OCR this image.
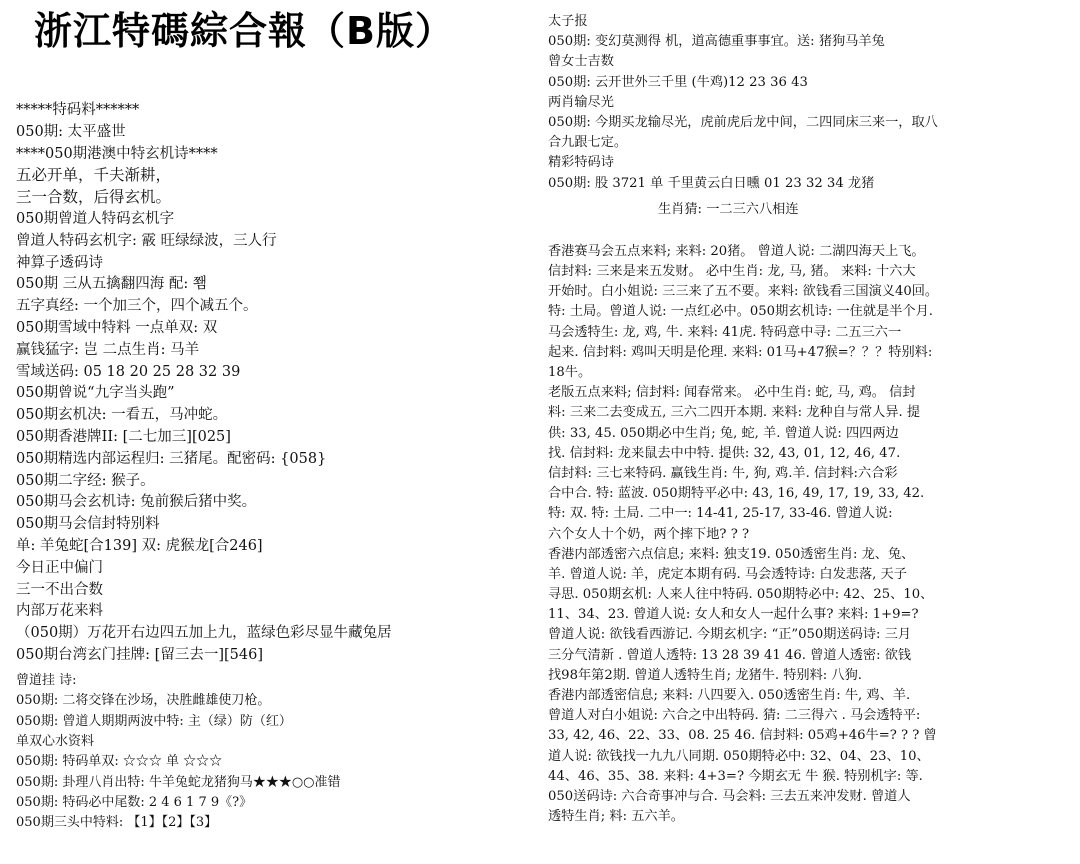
浙江特碼綜合報（B版）
*****特码料******
050期: 太平盛世
****050期港澳中特玄机诗****
五必开单，千夫渐耕，
三一合数，后得玄机。
050期曾道人特码玄机字
曾道人特码玄机字: 霰 旺绿绿波，三人行
神算子透码诗
050期 三从五擒翻四海 配: 쬄
五字真经: 一个加三个，四个减五个。
050期雪域中特料 一点单双: 双
赢钱猛字: 岂 二点生肖: 马羊
雪域送码: 05 18 20 25 28 32 39
050期曾说“九字当头跑”
050期玄机决: 一看五，马冲蛇。
050期香港牌II: [二七加三][025]
050期精选内部运程归: 三猪尾。配密码: {058}
050期二字经: 猴子。
050期马会玄机诗: 兔前猴后猪中奖。
050期马会信封特别料
单: 羊兔蛇[合139] 双: 虎猴龙[合246]
今日正中偏门
三一不出合数
内部万花来料
（050期）万花开右边四五加上九，蓝绿色彩尽显牛藏兔居
050期台湾玄门挂牌: [留三去一][546]
曾道挂 诗:
050期: 二将交锋在沙场，决胜雌雄使刀枪。
050期: 曾道人期期两波中特: 主（绿）防（红）
单双心水资料
050期: 特码单双: ☆☆☆ 单 ☆☆☆
050期: 卦理八肖出特: 牛羊兔蛇龙猪狗马★★★○○准错
050期: 特码必中尾数: 2 4 6 1 7 9《?》
050期三头中特料: 【1】【2】【3】
太子报
050期: 变幻莫测得 机，道高德重事事宜。送: 猪狗马羊兔
曾女士吉数
050期: 云开世外三千里 (牛鸡)12 23 36 43
两肖输尽光
050期: 今期买龙输尽光，虎前虎后龙中间，二四同床三来一，取八
合九跟七定。
精彩特码诗
050期: 股 3721 单 千里黄云白日曛 01 23 32 34 龙猪
生肖猜: 一二三六八相连
香港赛马会五点来料; 来料: 20猪。 曾道人说: 二湖四海天上飞。
信封料: 三来是来五发财。 必中生肖: 龙, 马, 猪。 来料: 十六大
开始时。白小姐说: 三三来了五不要。来料: 欲钱看三国演义40回。
特: 土局。曾道人说: 一点红必中。050期玄机诗: 一住就是半个月.
马会透特生: 龙, 鸡, 牛. 来料: 41虎. 特码意中寻: 二五三六一
起来. 信封料: 鸡叫天明是伦理. 来料: 01马+47猴=？？？特别料:
18牛。
老版五点来料; 信封料: 闻春常来。 必中生肖: 蛇, 马, 鸡。 信封
料: 三来二去变成五, 三六二四开本期. 来料: 龙种自与常人异. 提
供: 33, 45. 050期必中生肖; 兔, 蛇, 羊. 曾道人说: 四四两边
找. 信封料: 龙来鼠去中中特. 提供: 32, 43, 01, 12, 46, 47.
信封料: 三七来特码. 赢钱生肖: 牛, 狗, 鸡.羊. 信封料:六合彩
合中合. 特: 蓝波. 050期特平必中: 43, 16, 49, 17, 19, 33, 42.
特: 双. 特: 土局. 二中一: 14-41, 25-17, 33-46. 曾道人说:
六个女人十个奶，两个摔下地? ? ?
香港内部透密六点信息; 来料: 独支19. 050透密生肖: 龙、兔、
羊. 曾道人说: 羊，虎定本期有码. 马会透特诗: 白发悲落, 天子
寻思. 050期玄机: 人来人往中特码. 050期特必中: 42、25、10、
11、34、23. 曾道人说: 女人和女人一起什么事? 来料: 1+9=?
曾道人说: 欲钱看西游记. 今期玄机字: “正”050期送码诗: 三月
三分气清新 . 曾道人透特: 13 28 39 41 46. 曾道人透密: 欲钱
找98年第2期. 曾道人透特生肖; 龙猪牛. 特别料: 八狗.
香港内部透密信息; 来料: 八四要入. 050透密生肖: 牛, 鸡、羊.
曾道人对白小姐说: 六合之中出特码. 猜: 二三得六 . 马会透特平:
33, 42, 46、22、33、08. 25 46. 信封料: 05鸡+46牛=? ? ? 曾
道人说: 欲钱找一九九八同期. 050期特必中: 32、04、23、10、
44、46、35、38. 来料: 4+3=? 今期玄无 牛 猴. 特别机字: 等.
050送码诗: 六合奇事冲与合. 马会料: 三去五来冲发财. 曾道人
透特生肖; 料: 五六羊。
